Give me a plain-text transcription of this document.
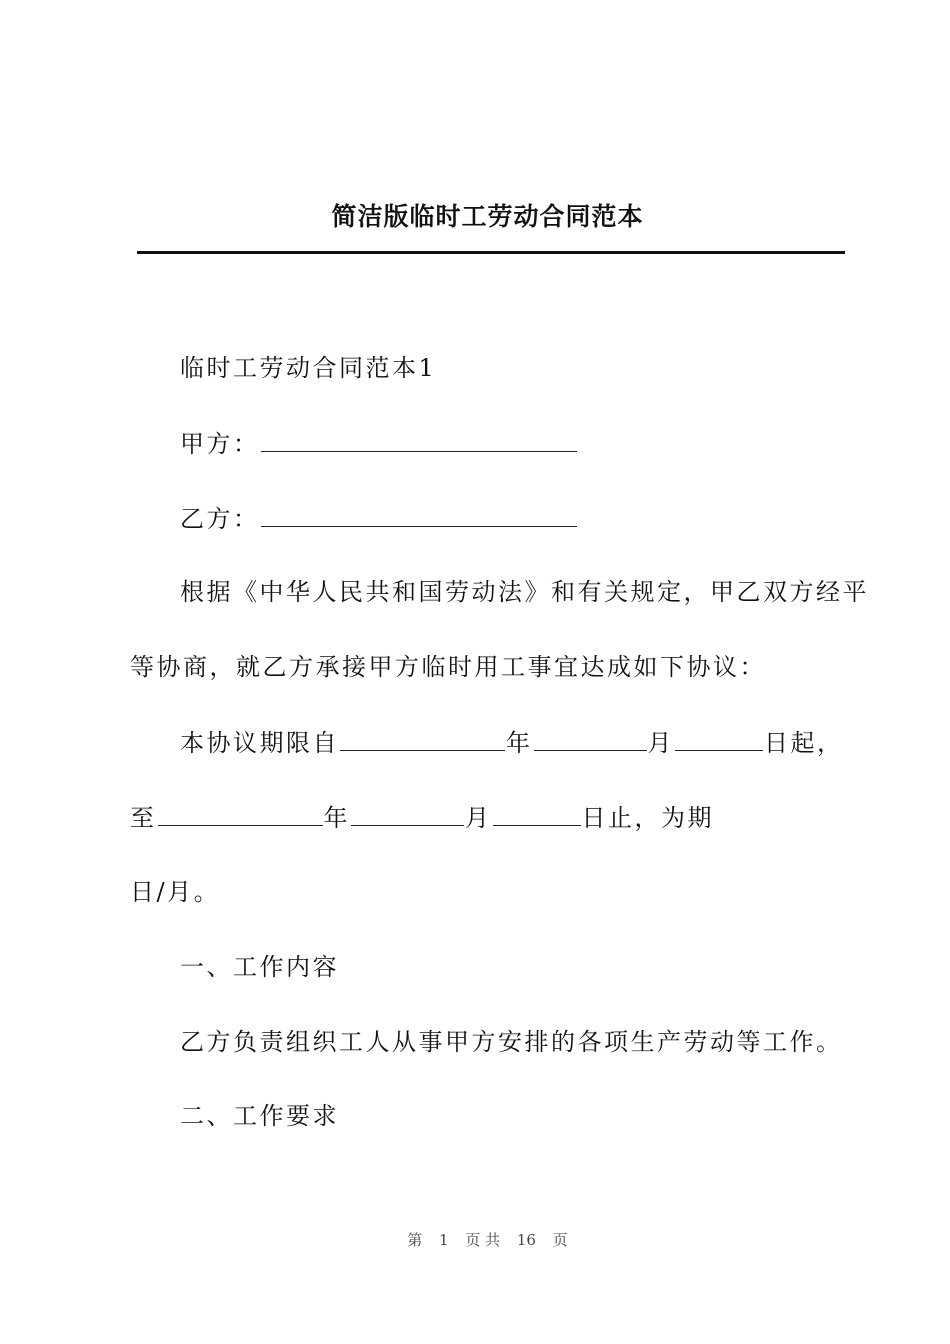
简洁版临时工劳动合同范本
临时工劳动合同范本1
甲方：
乙方：
根据《中华人民共和国劳动法》和有关规定，甲乙双方经平
等协商，就乙方承接甲方临时用工事宜达成如下协议：
本协议期限自	年	月	日起，
至	年	月	日止，为期
日/月。
一、工作内容
乙方负责组织工人从事甲方安排的各项生产劳动等工作。
二、工作要求
第 1 页 共 16 页
